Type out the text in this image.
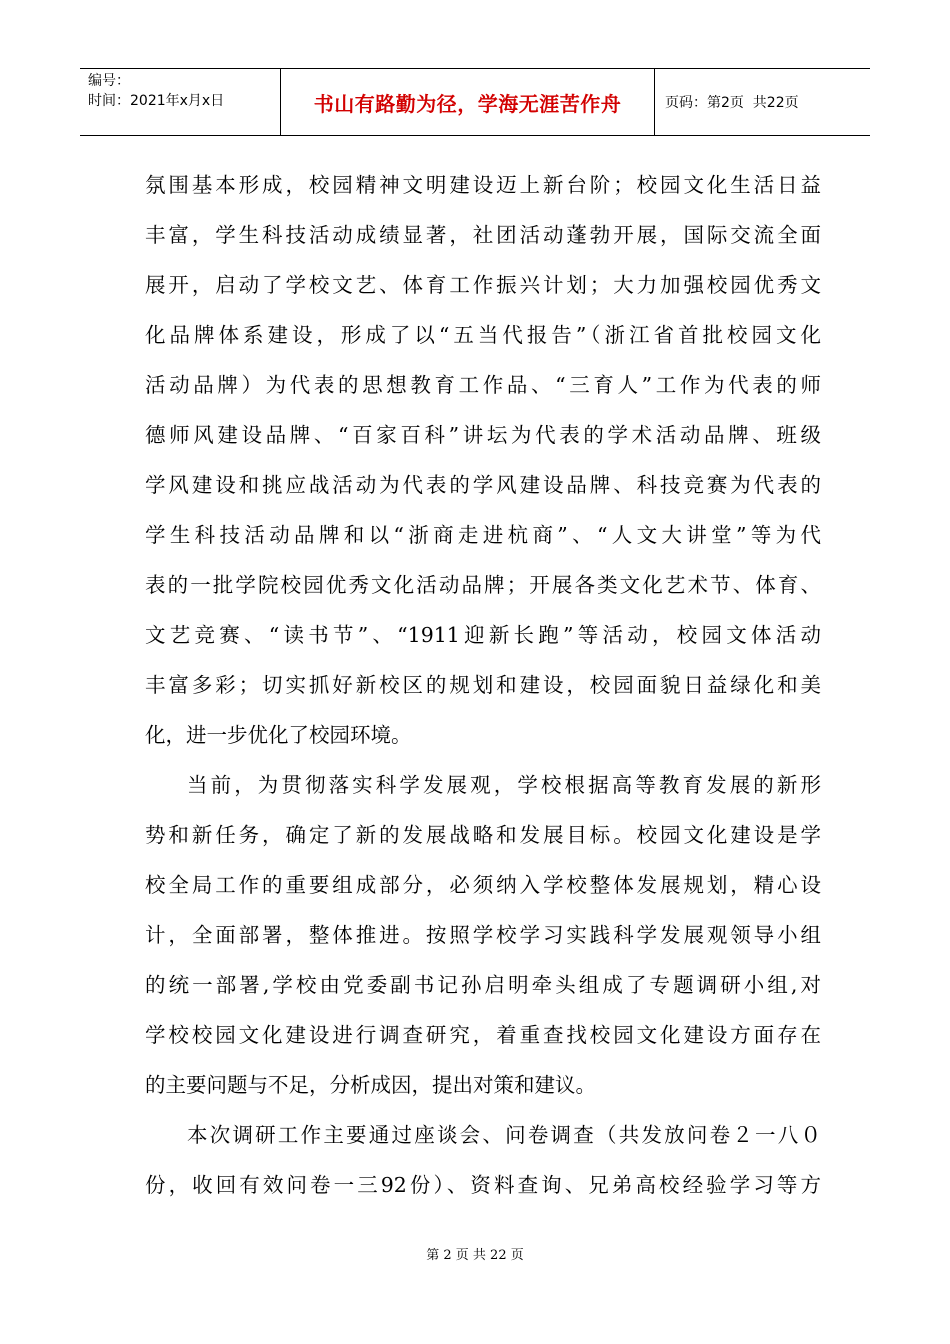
编号：
时间：2021年x月x日	书山有路勤为径，学海无涯苦作舟	页码：第2页  共22页
氛围基本形成，校园精神文明建设迈上新台阶；校园文化生活日益
丰富，学生科技活动成绩显著，社团活动蓬勃开展，国际交流全面
展开，启动了学校文艺、体育工作振兴计划；大力加强校园优秀文
化品牌体系建设，形成了以“五当代报告”（浙江省首批校园文化
活动品牌）为代表的思想教育工作品、“三育人”工作为代表的师
德师风建设品牌、“百家百科”讲坛为代表的学术活动品牌、班级
学风建设和挑应战活动为代表的学风建设品牌、科技竞赛为代表的
学生科技活动品牌和以“浙商走进杭商”、“人文大讲堂”等为代
表的一批学院校园优秀文化活动品牌；开展各类文化艺术节、体育、
文艺竞赛、“读书节”、“1911迎新长跑”等活动，校园文体活动
丰富多彩；切实抓好新校区的规划和建设，校园面貌日益绿化和美
化，进一步优化了校园环境。
当前，为贯彻落实科学发展观，学校根据高等教育发展的新形
势和新任务，确定了新的发展战略和发展目标。校园文化建设是学
校全局工作的重要组成部分，必须纳入学校整体发展规划，精心设
计，全面部署，整体推进。按照学校学习实践科学发展观领导小组
的统一部署,学校由党委副书记孙启明牵头组成了专题调研小组,对
学校校园文化建设进行调查研究，着重查找校园文化建设方面存在
的主要问题与不足，分析成因，提出对策和建议。
本次调研工作主要通过座谈会、问卷调查（共发放问卷２一八０
份，收回有效问卷一三92份）、资料查询、兄弟高校经验学习等方
第 2 页 共 22 页
